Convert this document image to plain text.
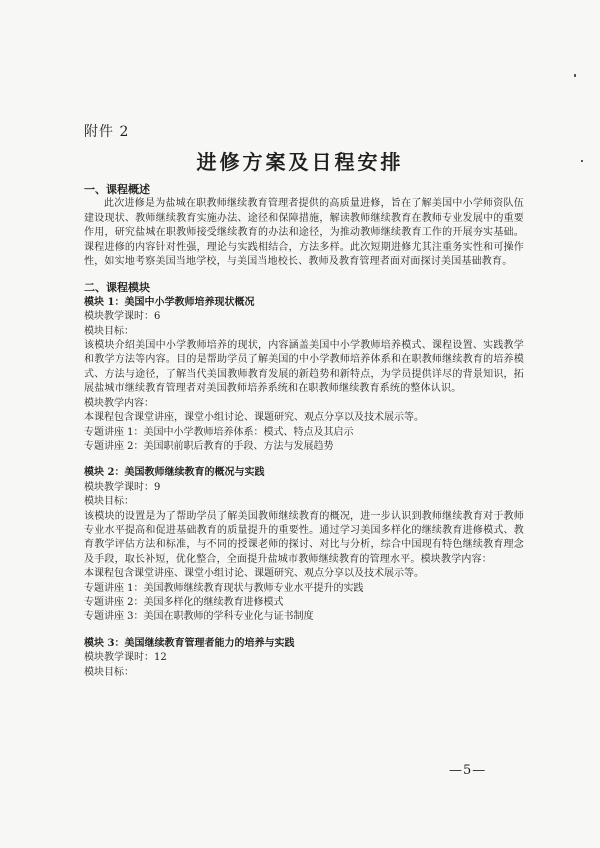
附件 2
进修方案及日程安排

一、课程概述

此次进修是为盐城在职教师继续教育管理者提供的高质量进修，旨在了解美国中小学师资队伍建设现状、教师继续教育实施办法、途径和保障措施，解读教师继续教育在教师专业发展中的重要作用，研究盐城在职教师接受继续教育的办法和途径，为推动教师继续教育工作的开展夯实基础。课程进修的内容针对性强，理论与实践相结合，方法多样。此次短期进修尤其注重务实性和可操作性，如实地考察美国当地学校，与美国当地校长、教师及教育管理者面对面探讨美国基础教育。

二、课程模块

模块 1：美国中小学教师培养现状概况

模块教学课时：6

模块目标：

该模块介绍美国中小学教师培养的现状，内容涵盖美国中小学教师培养模式、课程设置、实践教学和教学方法等内容。目的是帮助学员了解美国的中小学教师培养体系和在职教师继续教育的培养模式、方法与途径，了解当代美国教师教育发展的新趋势和新特点，为学员提供详尽的背景知识，拓展盐城市继续教育管理者对美国教师培养系统和在职教师继续教育系统的整体认识。

模块教学内容：

本课程包含课堂讲座，课堂小组讨论、课题研究、观点分享以及技术展示等。

专题讲座 1：美国中小学教师培养体系：模式、特点及其启示

专题讲座 2：美国职前职后教育的手段、方法与发展趋势

模块 2：美国教师继续教育的概况与实践

模块教学课时：9

模块目标：

该模块的设置是为了帮助学员了解美国教师继续教育的概况，进一步认识到教师继续教育对于教师专业水平提高和促进基础教育的质量提升的重要性。通过学习美国多样化的继续教育进修模式、教育教学评估方法和标准，与不同的授课老师的探讨、对比与分析，综合中国现有特色继续教育理念及手段，取长补短，优化整合，全面提升盐城市教师继续教育的管理水平。模块教学内容：

本课程包含课堂讲座、课堂小组讨论、课题研究、观点分享以及技术展示等。

专题讲座 1：美国教师继续教育现状与教师专业水平提升的实践

专题讲座 2：美国多样化的继续教育进修模式

专题讲座 3：美国在职教师的学科专业化与证书制度

模块 3：美国继续教育管理者能力的培养与实践

模块教学课时：12

模块目标：

—5—
